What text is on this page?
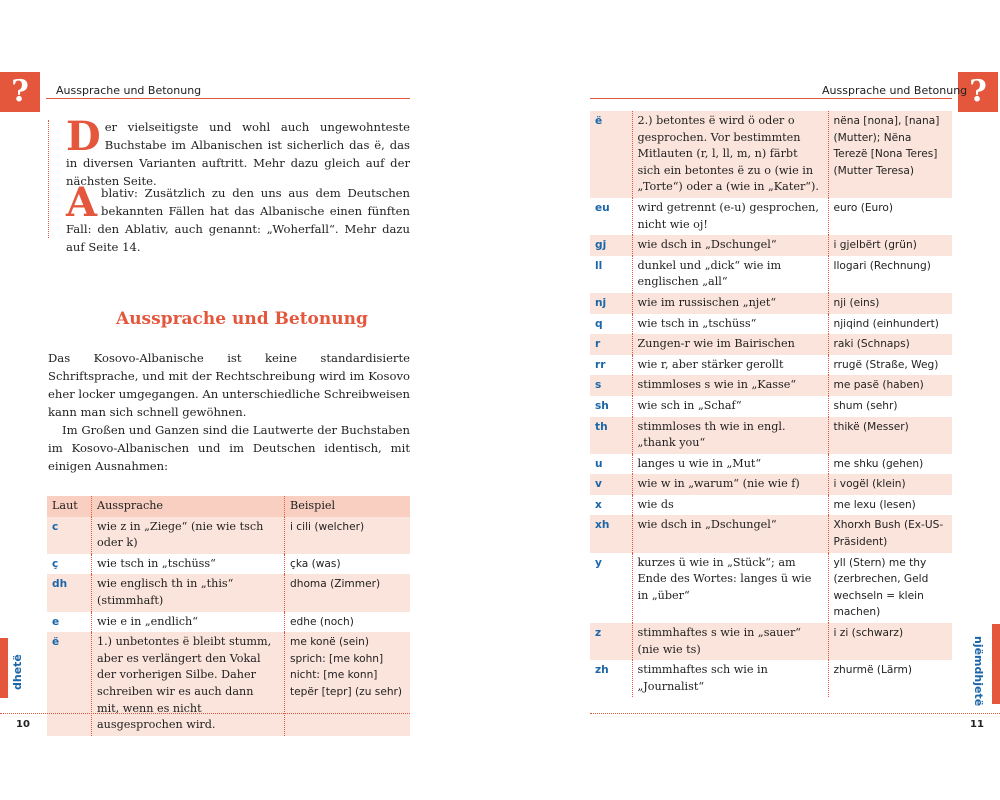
?	Aussprache und Betonung
Der vielseitigste und wohl auch ungewohnteste Buchstabe im Albanischen ist sicherlich das ë, das in diversen Varianten auftritt. Mehr dazu gleich auf der nächsten Seite.
Ablativ: Zusätzlich zu den uns aus dem Deutschen bekannten Fällen hat das Albanische einen fünften Fall: den Ablativ, auch genannt: „Woherfall“. Mehr dazu auf Seite 14.
Aussprache und Betonung
Das Kosovo-Albanische ist keine standardisierte Schriftsprache, und mit der Rechtschreibung wird im Kosovo eher locker umgegangen. An unterschiedliche Schreibweisen kann man sich schnell gewöhnen.
Im Großen und Ganzen sind die Lautwerte der Buchstaben im Kosovo-Albanischen und im Deutschen identisch, mit einigen Ausnahmen:
Laut	Aussprache	Beispiel
c	wie z in „Ziege“ (nie wie tsch oder k)	i cili (welcher)
ç	wie tsch in „tschüss“	çka (was)
dh	wie englisch th in „this“ (stimmhaft)	dhoma (Zimmer)
e	wie e in „endlich“	edhe (noch)
ë	1.) unbetontes ë bleibt stumm, aber es verlängert den Vokal der vorherigen Silbe. Daher schreiben wir es auch dann mit, wenn es nicht ausgesprochen wird.	me konë (sein) sprich: [me kohn] nicht: [me konn] tepër [tepr] (zu sehr)
dhetë
10
?
Aussprache und Betonung
ë	2.) betontes ë wird ö oder o gesprochen. Vor bestimmten Mitlauten (r, l, ll, m, n) färbt sich ein betontes ë zu o (wie in „Torte“) oder a (wie in „Kater“).	nëna [nona], [nana] (Mutter); Nëna Terezë [Nona Teres] (Mutter Teresa)
eu	wird getrennt (e-u) gesprochen, nicht wie oj!	euro (Euro)
gj	wie dsch in „Dschungel“	i gjelbërt (grün)
ll	dunkel und „dick“ wie im englischen „all“	llogari (Rechnung)
nj	wie im russischen „njet“	nji (eins)
q	wie tsch in „tschüss“	njiqind (einhundert)
r	Zungen-r wie im Bairischen	raki (Schnaps)
rr	wie r, aber stärker gerollt	rrugë (Straße, Weg)
s	stimmloses s wie in „Kasse“	me pasë (haben)
sh	wie sch in „Schaf“	shum (sehr)
th	stimmloses th wie in engl. „thank you“	thikë (Messer)
u	langes u wie in „Mut“	me shku (gehen)
v	wie w in „warum“ (nie wie f)	i vogël (klein)
x	wie ds	me lexu (lesen)
xh	wie dsch in „Dschungel“	Xhorxh Bush (Ex-US-Präsident)
y	kurzes ü wie in „Stück“; am Ende des Wortes: langes ü wie in „über“	yll (Stern) me thy (zerbrechen, Geld wechseln = klein machen)
z	stimmhaftes s wie in „sauer“ (nie wie ts)	i zi (schwarz)
zh	stimmhaftes sch wie in „Journalist“	zhurmë (Lärm)	njëmdhjetë
11
